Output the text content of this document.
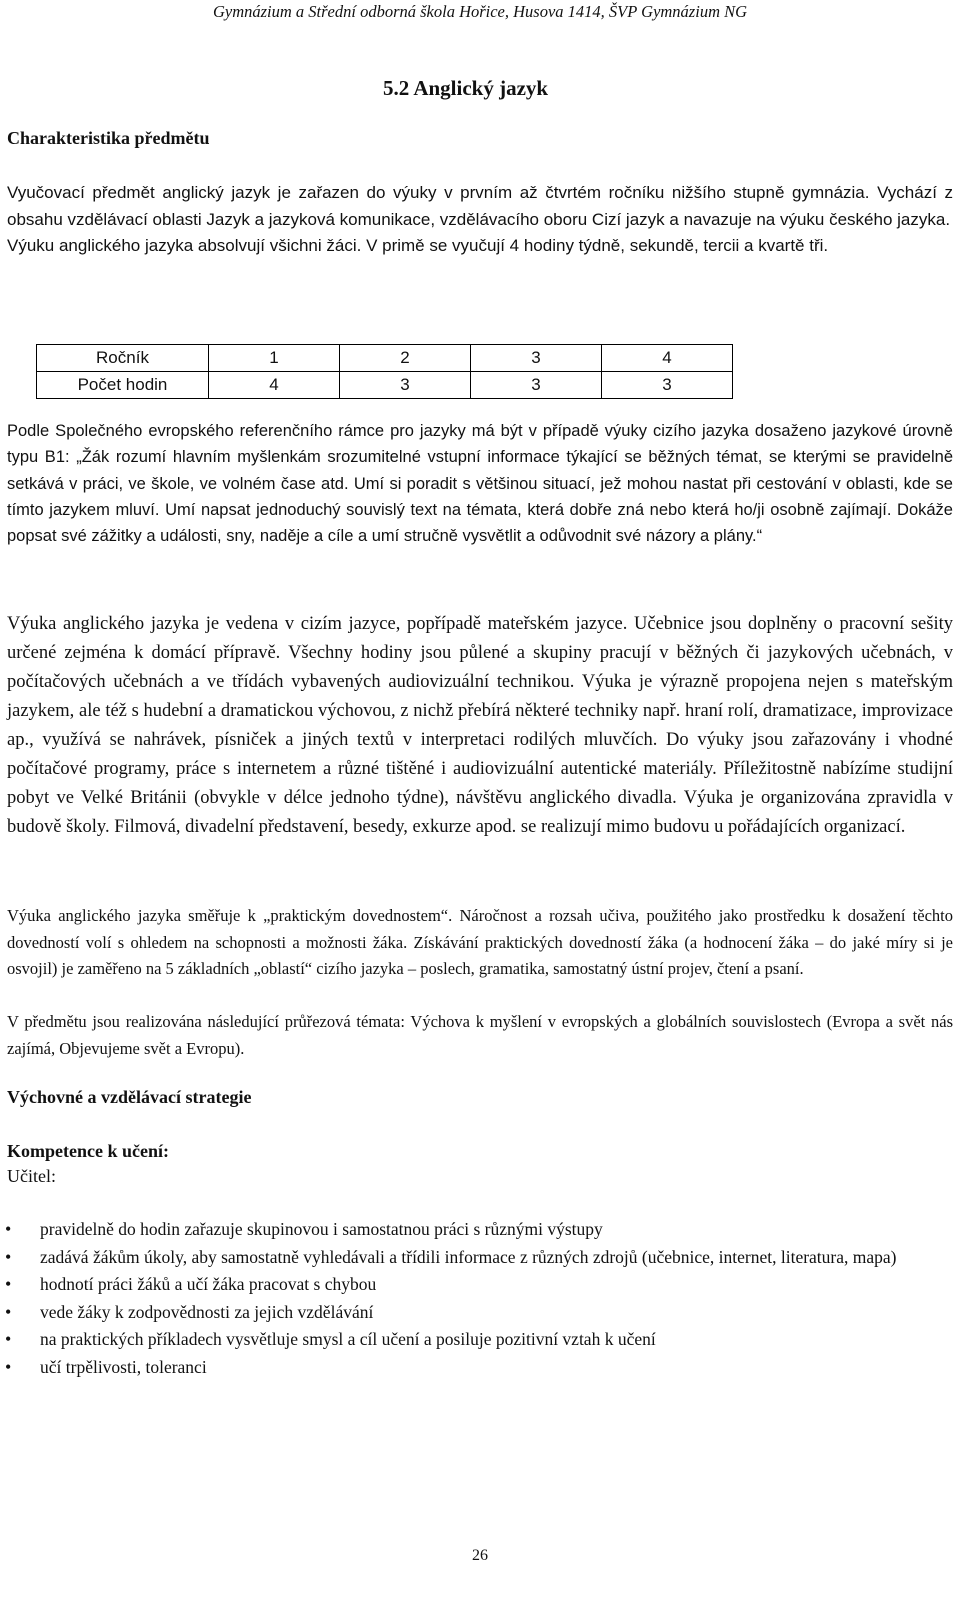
Gymnázium a Střední odborná škola Hořice, Husova 1414, ŠVP Gymnázium NG
5.2 Anglický jazyk
Charakteristika předmětu

Vyučovací předmět anglický jazyk je zařazen do výuky v prvním až čtvrtém ročníku nižšího stupně gymnázia. Vychází z obsahu vzdělávací oblasti Jazyk a jazyková komunikace, vzdělávacího oboru Cizí jazyk a navazuje na výuku českého jazyka.

Výuku anglického jazyka absolvují všichni žáci. V primě se vyučují 4 hodiny týdně, sekundě, tercii a kvartě tři.

Ročník	1	2	3	4
Počet hodin	4	3	3	3

Podle Společného evropského referenčního rámce pro jazyky má být v případě výuky cizího jazyka dosaženo jazykové úrovně typu B1: „Žák rozumí hlavním myšlenkám srozumitelné vstupní informace týkající se běžných témat, se kterými se pravidelně setkává v práci, ve škole, ve volném čase atd. Umí si poradit s většinou situací, jež mohou nastat při cestování v oblasti, kde se tímto jazykem mluví. Umí napsat jednoduchý souvislý text na témata, která dobře zná nebo která ho/ji osobně zajímají. Dokáže popsat své zážitky a události, sny, naděje a cíle a umí stručně vysvětlit a odůvodnit své názory a plány.“

Výuka anglického jazyka je vedena v cizím jazyce, popřípadě mateřském jazyce. Učebnice jsou doplněny o pracovní sešity určené zejména k domácí přípravě. Všechny hodiny jsou půlené a skupiny pracují v běžných či jazykových učebnách, v počítačových učebnách a ve třídách vybavených audiovizuální technikou. Výuka je výrazně propojena nejen s mateřským jazykem, ale též s hudební a dramatickou výchovou, z nichž přebírá některé techniky např. hraní rolí, dramatizace, improvizace ap., využívá se nahrávek, písniček a jiných textů v interpretaci rodilých mluvčích. Do výuky jsou zařazovány i vhodné počítačové programy, práce s internetem a různé tištěné i audiovizuální autentické materiály. Příležitostně nabízíme studijní pobyt ve Velké Británii (obvykle v délce jednoho týdne), návštěvu anglického divadla. Výuka je organizována zpravidla v budově školy. Filmová, divadelní představení, besedy, exkurze apod. se realizují mimo budovu u pořádajících organizací.

Výuka anglického jazyka směřuje k „praktickým dovednostem“. Náročnost a rozsah učiva, použitého jako prostředku k dosažení těchto dovedností volí s ohledem na schopnosti a možnosti žáka. Získávání praktických dovedností žáka (a hodnocení žáka – do jaké míry si je osvojil) je zaměřeno na 5 základních „oblastí“ cizího jazyka – poslech, gramatika, samostatný ústní projev, čtení a psaní.

V předmětu jsou realizována následující průřezová témata: Výchova k myšlení v evropských a globálních souvislostech (Evropa a svět nás zajímá, Objevujeme svět a Evropu).

Výchovné a vzdělávací strategie
Kompetence k učení:
Učitel:
• pravidelně do hodin zařazuje skupinovou i samostatnou práci s různými výstupy
• zadává žákům úkoly, aby samostatně vyhledávali a třídili informace z různých zdrojů (učebnice, internet, literatura, mapa)
• hodnotí práci žáků a učí žáka pracovat s chybou
• vede žáky k zodpovědnosti za jejich vzdělávání
• na praktických příkladech vysvětluje smysl a cíl učení a posiluje pozitivní vztah k učení
• učí trpělivosti, toleranci
26
